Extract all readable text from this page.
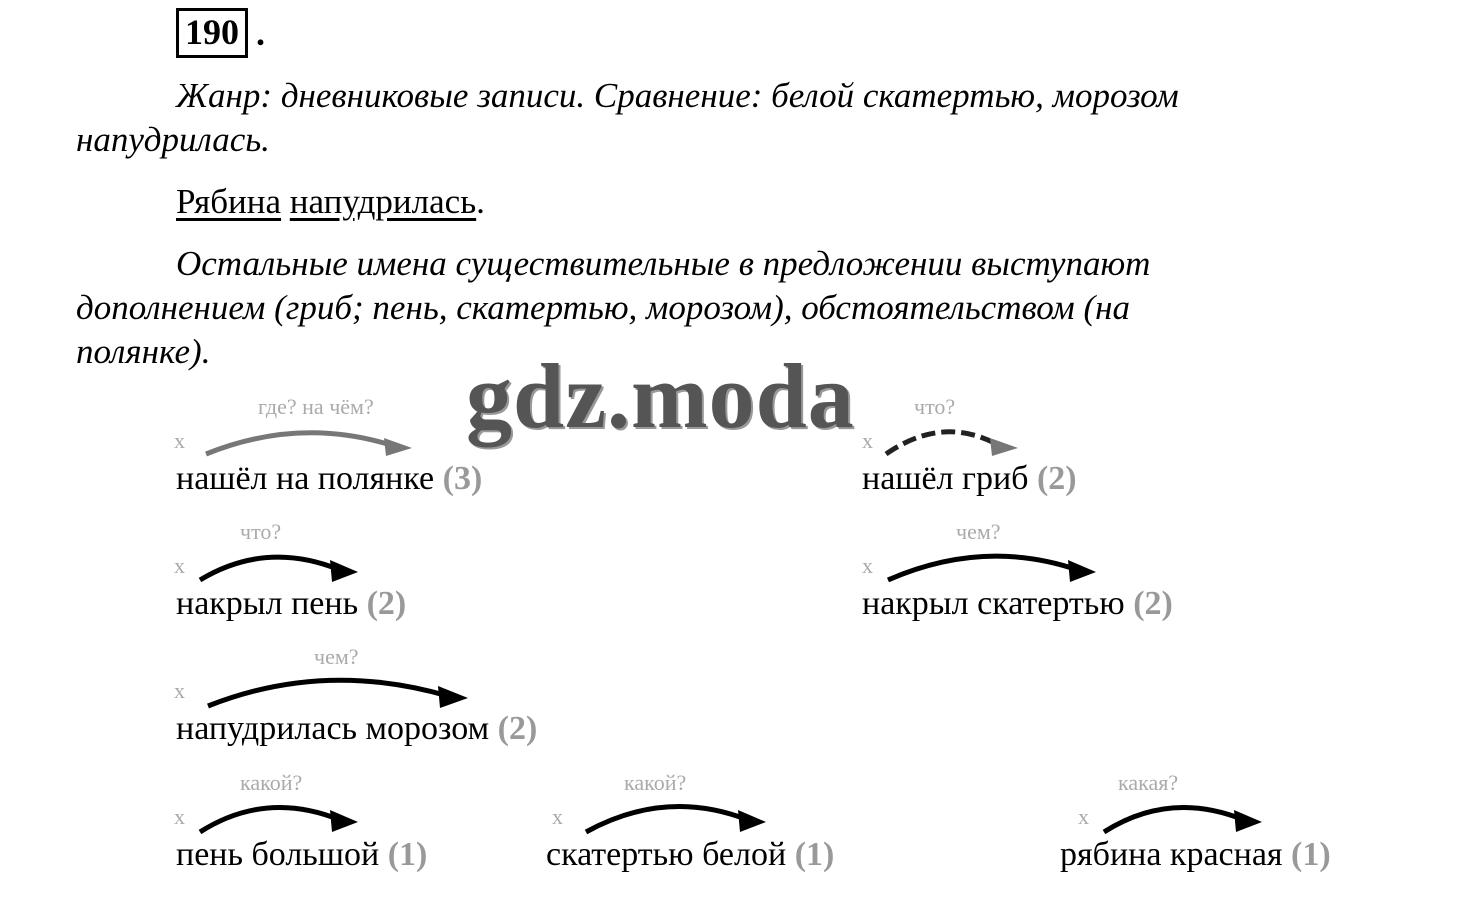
190 .
Жанр: дневниковые записи. Сравнение: белой скатертью, морозом
напудрилась.
Рябина напудрилась.
Остальные имена существительные в предложении выступают
дополнением (гриб; пень, скатертью, морозом), обстоятельством (на
полянке).	gdz.moda
x
где? на чём?
нашёл на полянке (3)
x
что?
нашёл гриб (2)
x
что?
накрыл пень (2)
x
чем?
накрыл скатертью (2)
x
чем?
напудрилась морозом (2)
x
какой?
пень большой (1)
x
какой?
скатертью белой (1)
x
какая?
рябина красная (1)
